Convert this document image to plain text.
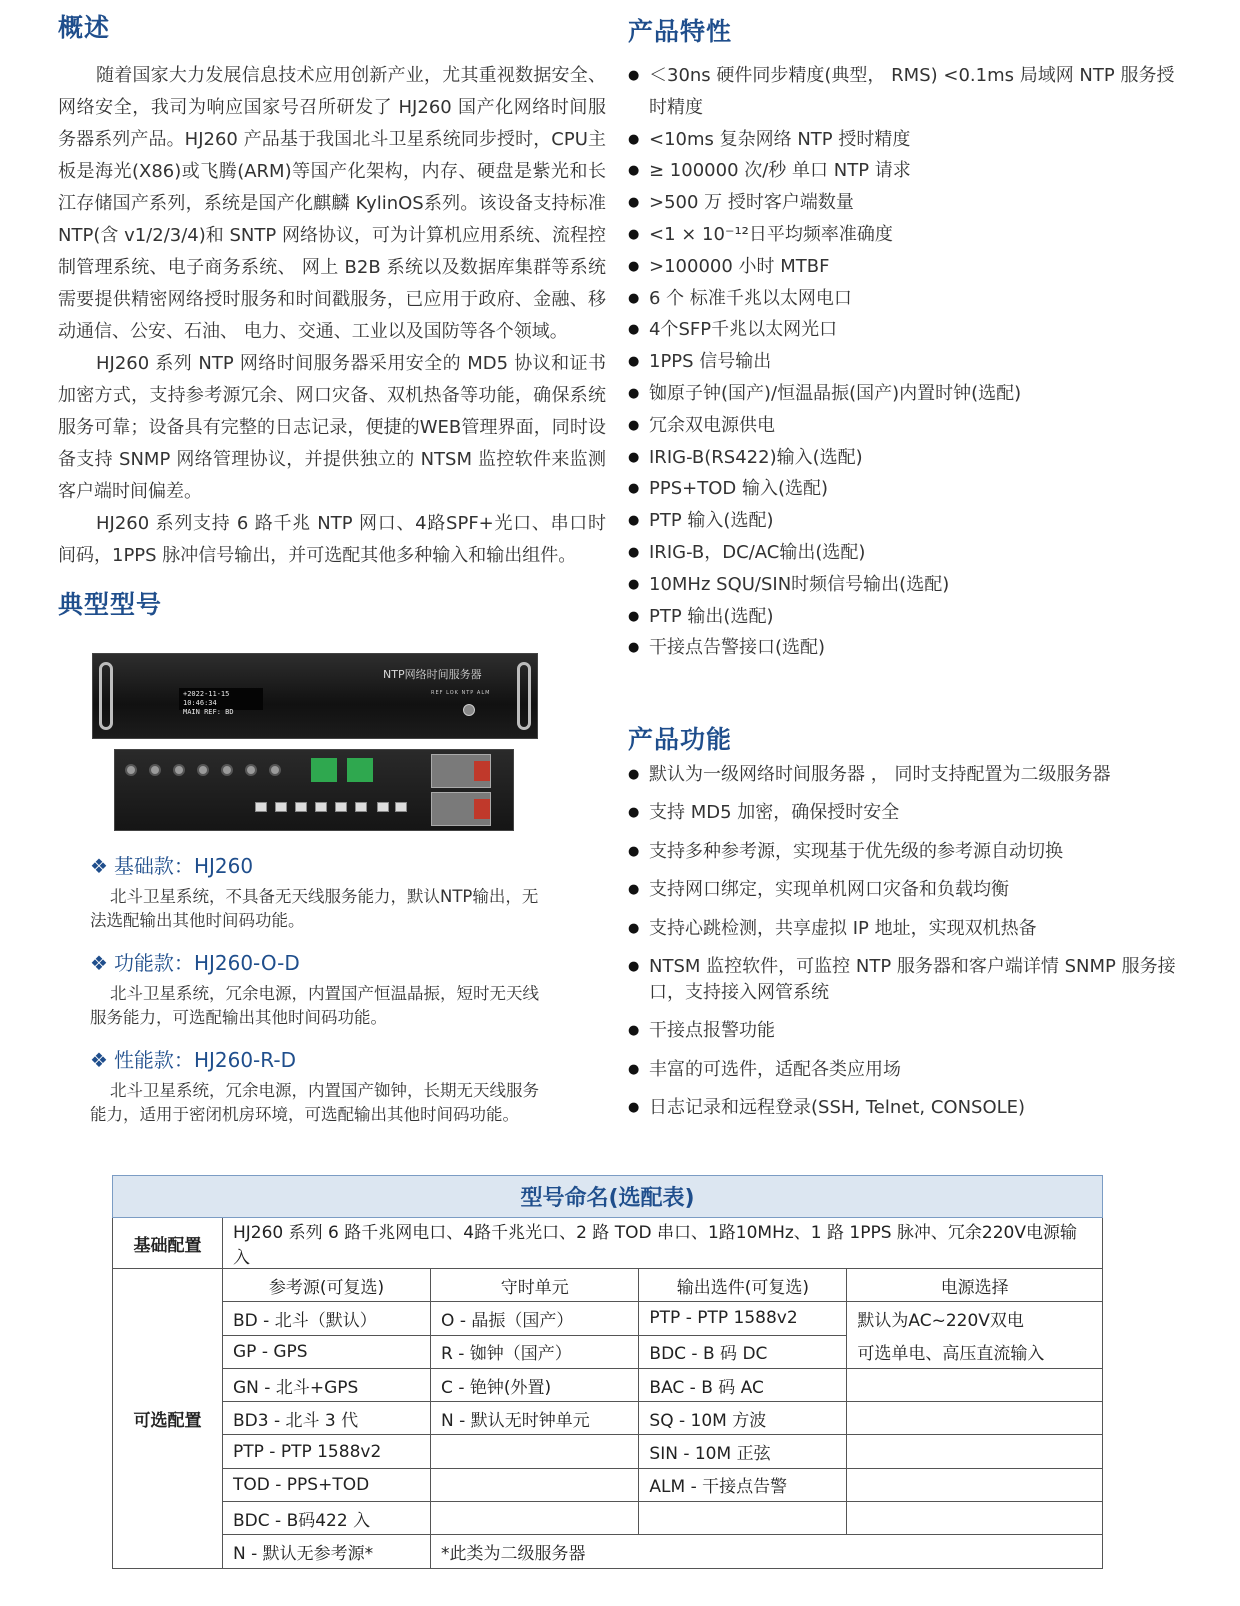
概述

随着国家大力发展信息技术应用创新产业，尤其重视数据安全、网络安全，我司为响应国家号召所研发了 HJ260 国产化网络时间服务器系列产品。HJ260 产品基于我国北斗卫星系统同步授时，CPU主板是海光(X86)或飞腾(ARM)等国产化架构，内存、硬盘是紫光和长江存储国产系列，系统是国产化麒麟 KylinOS系列。该设备支持标准NTP(含 v1/2/3/4)和 SNTP 网络协议，可为计算机应用系统、流程控制管理系统、电子商务系统、 网上 B2B 系统以及数据库集群等系统需要提供精密网络授时服务和时间戳服务，已应用于政府、金融、移动通信、公安、石油、 电力、交通、工业以及国防等各个领域。

HJ260 系列 NTP 网络时间服务器采用安全的 MD5 协议和证书加密方式，支持参考源冗余、网口灾备、双机热备等功能，确保系统服务可靠；设备具有完整的日志记录，便捷的WEB管理界面，同时设备支持 SNMP 网络管理协议，并提供独立的 NTSM 监控软件来监测客户端时间偏差。

HJ260 系列支持 6 路千兆 NTP 网口、4路SPF+光口、串口时间码，1PPS 脉冲信号输出，并可选配其他多种输入和输出组件。

典型型号
+2022-11-15 10:46:34
MAIN REF: BD
NTP网络时间服务器
REF LOK NTP ALM
❖ 基础款：HJ260
北斗卫星系统，不具备无天线服务能力，默认NTP输出，无法选配输出其他时间码功能。
❖ 功能款：HJ260-O-D
北斗卫星系统，冗余电源，内置国产恒温晶振，短时无天线服务能力，可选配输出其他时间码功能。
❖ 性能款：HJ260-R-D
北斗卫星系统，冗余电源，内置国产铷钟，长期无天线服务能力，适用于密闭机房环境，可选配输出其他时间码功能。
产品特性
● ＜30ns 硬件同步精度(典型， RMS) <0.1ms 局域网 NTP 服务授时精度
● <10ms 复杂网络 NTP 授时精度
● ≥ 100000 次/秒 单口 NTP 请求
● >500 万 授时客户端数量
● <1 × 10⁻¹²日平均频率准确度
● >100000 小时 MTBF
● 6 个 标准千兆以太网电口
● 4个SFP千兆以太网光口
● 1PPS 信号输出
● 铷原子钟(国产)/恒温晶振(国产)内置时钟(选配)
● 冗余双电源供电
● IRIG-B(RS422)输入(选配)
● PPS+TOD 输入(选配)
● PTP 输入(选配)
● IRIG-B，DC/AC输出(选配)
● 10MHz SQU/SIN时频信号输出(选配)
● PTP 输出(选配)
● 干接点告警接口(选配)
产品功能
● 默认为一级网络时间服务器 ， 同时支持配置为二级服务器
● 支持 MD5 加密，确保授时安全
● 支持多种参考源，实现基于优先级的参考源自动切换
● 支持网口绑定，实现单机网口灾备和负载均衡
● 支持心跳检测，共享虚拟 IP 地址，实现双机热备
● NTSM 监控软件，可监控 NTP 服务器和客户端详情 SNMP 服务接口，支持接入网管系统
● 干接点报警功能
● 丰富的可选件，适配各类应用场
● 日志记录和远程登录(SSH, Telnet, CONSOLE)
型号命名(选配表)				
基础配置	HJ260 系列 6 路千兆网电口、4路千兆光口、2 路 TOD 串口、1路10MHz、1 路 1PPS 脉冲、冗余220V电源输入			
可选配置	参考源(可复选)	守时单元	输出选件(可复选)	电源选择
	BD - 北斗（默认）	O - 晶振（国产）	PTP - PTP 1588v2	默认为AC~220V双电
	GP - GPS	R - 铷钟（国产）	BDC - B 码 DC	可选单电、高压直流输入
	GN - 北斗+GPS	C - 铯钟(外置)	BAC - B 码 AC	
	BD3 - 北斗 3 代	N - 默认无时钟单元	SQ - 10M 方波	
	PTP - PTP 1588v2		SIN - 10M 正弦	
	TOD - PPS+TOD		ALM - 干接点告警	
	BDC - B码422 入			
	N - 默认无参考源*	*此类为二级服务器		
